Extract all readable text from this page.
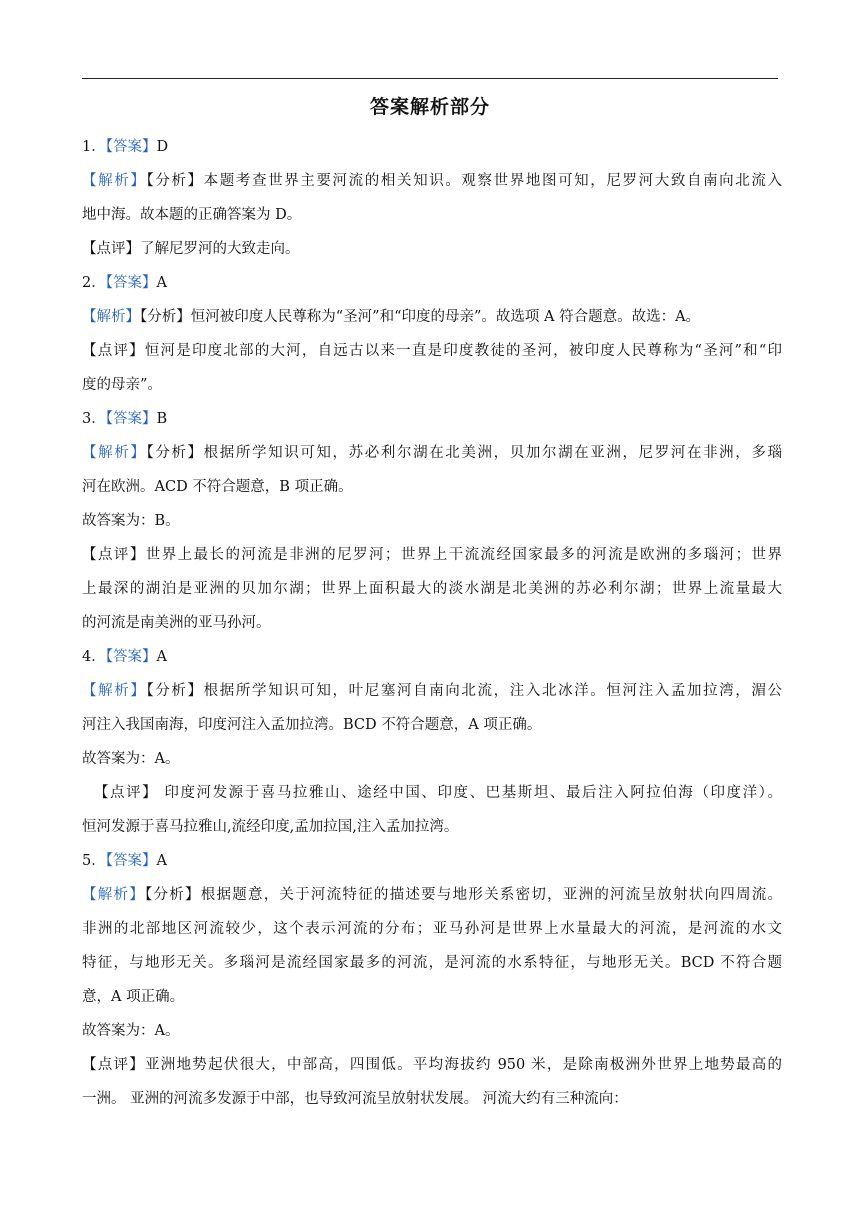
答案解析部分
1．【答案】D
【解析】【分析】本题考查世界主要河流的相关知识。观察世界地图可知，尼罗河大致自南向北流入
地中海。故本题的正确答案为 D。
【点评】了解尼罗河的大致走向。
2．【答案】A
【解析】【分析】恒河被印度人民尊称为“圣河”和“印度的母亲”。故选项 A 符合题意。故选：A。
【点评】恒河是印度北部的大河，自远古以来一直是印度教徒的圣河，被印度人民尊称为“圣河”和“印
度的母亲”。
3．【答案】B
【解析】【分析】根据所学知识可知，苏必利尔湖在北美洲，贝加尔湖在亚洲，尼罗河在非洲，多瑙
河在欧洲。ACD 不符合题意，B 项正确。
故答案为：B。
【点评】世界上最长的河流是非洲的尼罗河；世界上干流流经国家最多的河流是欧洲的多瑙河；世界
上最深的湖泊是亚洲的贝加尔湖；世界上面积最大的淡水湖是北美洲的苏必利尔湖；世界上流量最大
的河流是南美洲的亚马孙河。
4．【答案】A
【解析】【分析】根据所学知识可知，叶尼塞河自南向北流，注入北冰洋。恒河注入孟加拉湾，湄公
河注入我国南海，印度河注入孟加拉湾。BCD 不符合题意，A 项正确。
故答案为：A。
【点评】 印度河发源于喜马拉雅山、途经中国、印度、巴基斯坦、最后注入阿拉伯海（印度洋）。
恒河发源于喜马拉雅山,流经印度,孟加拉国,注入孟加拉湾。
5．【答案】A
【解析】【分析】根据题意，关于河流特征的描述要与地形关系密切，亚洲的河流呈放射状向四周流。
非洲的北部地区河流较少，这个表示河流的分布；亚马孙河是世界上水量最大的河流，是河流的水文
特征，与地形无关。多瑙河是流经国家最多的河流，是河流的水系特征，与地形无关。BCD 不符合题
意，A 项正确。
故答案为：A。
【点评】亚洲地势起伏很大，中部高，四围低。平均海拔约 950 米，是除南极洲外世界上地势最高的
一洲。 亚洲的河流多发源于中部，也导致河流呈放射状发展。 河流大约有三种流向：
